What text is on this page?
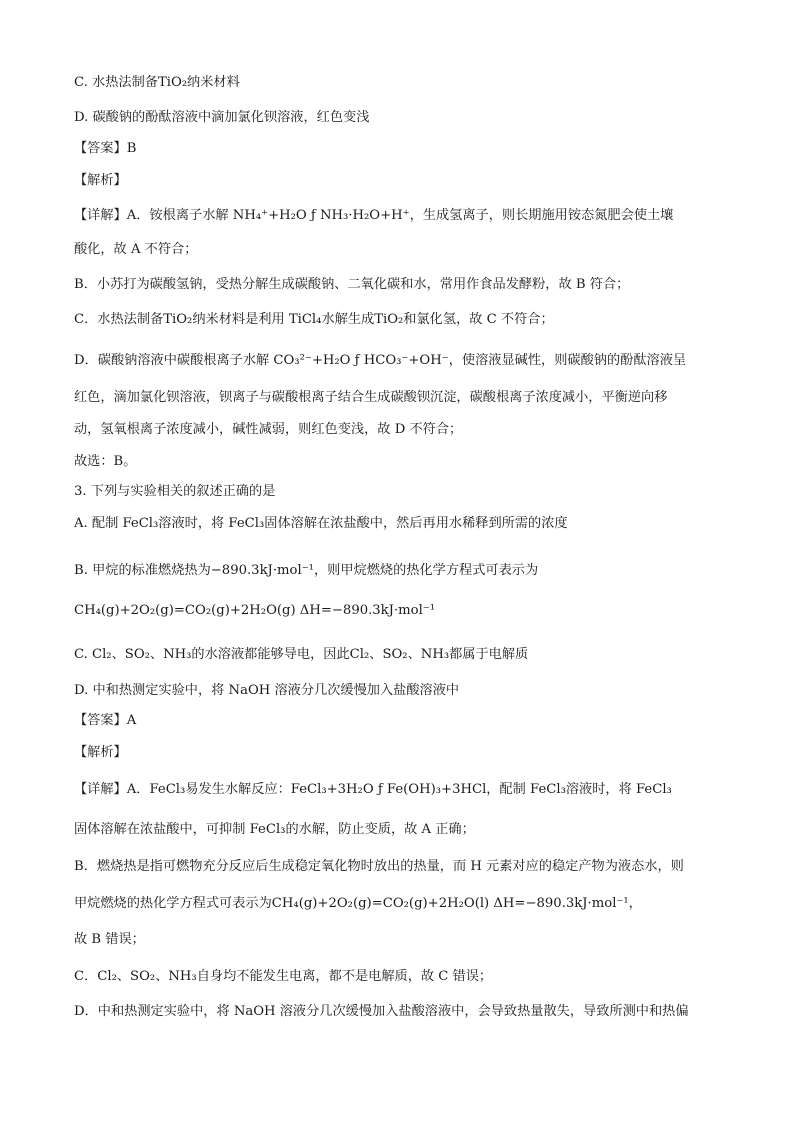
C. 水热法制备TiO₂纳米材料
D. 碳酸钠的酚酞溶液中滴加氯化钡溶液，红色变浅
【答案】B
【解析】
【详解】A．铵根离子水解 NH₄⁺+H₂O ƒ NH₃·H₂O+H⁺，生成氢离子，则长期施用铵态氮肥会使土壤
酸化，故 A 不符合；
B．小苏打为碳酸氢钠，受热分解生成碳酸钠、二氧化碳和水，常用作食品发酵粉，故 B 符合；
C．水热法制备TiO₂纳米材料是利用 TiCl₄水解生成TiO₂和氯化氢，故 C 不符合；
D．碳酸钠溶液中碳酸根离子水解 CO₃²⁻+H₂O ƒ HCO₃⁻+OH⁻，使溶液显碱性，则碳酸钠的酚酞溶液呈
红色，滴加氯化钡溶液，钡离子与碳酸根离子结合生成碳酸钡沉淀，碳酸根离子浓度减小，平衡逆向移
动，氢氧根离子浓度减小，碱性减弱，则红色变浅，故 D 不符合；
故选：B。
3. 下列与实验相关的叙述正确的是
A. 配制 FeCl₃溶液时，将 FeCl₃固体溶解在浓盐酸中，然后再用水稀释到所需的浓度
B. 甲烷的标准燃烧热为−890.3kJ·mol⁻¹，则甲烷燃烧的热化学方程式可表示为
CH₄(g)+2O₂(g)=CO₂(g)+2H₂O(g) ΔH=−890.3kJ·mol⁻¹
C. Cl₂、SO₂、NH₃的水溶液都能够导电，因此Cl₂、SO₂、NH₃都属于电解质
D. 中和热测定实验中，将 NaOH 溶液分几次缓慢加入盐酸溶液中
【答案】A
【解析】
【详解】A．FeCl₃易发生水解反应：FeCl₃+3H₂O ƒ Fe(OH)₃+3HCl，配制 FeCl₃溶液时，将 FeCl₃
固体溶解在浓盐酸中，可抑制 FeCl₃的水解，防止变质，故 A 正确；
B．燃烧热是指可燃物充分反应后生成稳定氧化物时放出的热量，而 H 元素对应的稳定产物为液态水，则
甲烷燃烧的热化学方程式可表示为CH₄(g)+2O₂(g)=CO₂(g)+2H₂O(l) ΔH=−890.3kJ·mol⁻¹，
故 B 错误；
C．Cl₂、SO₂、NH₃自身均不能发生电离，都不是电解质，故 C 错误；
D．中和热测定实验中，将 NaOH 溶液分几次缓慢加入盐酸溶液中，会导致热量散失，导致所测中和热偏
